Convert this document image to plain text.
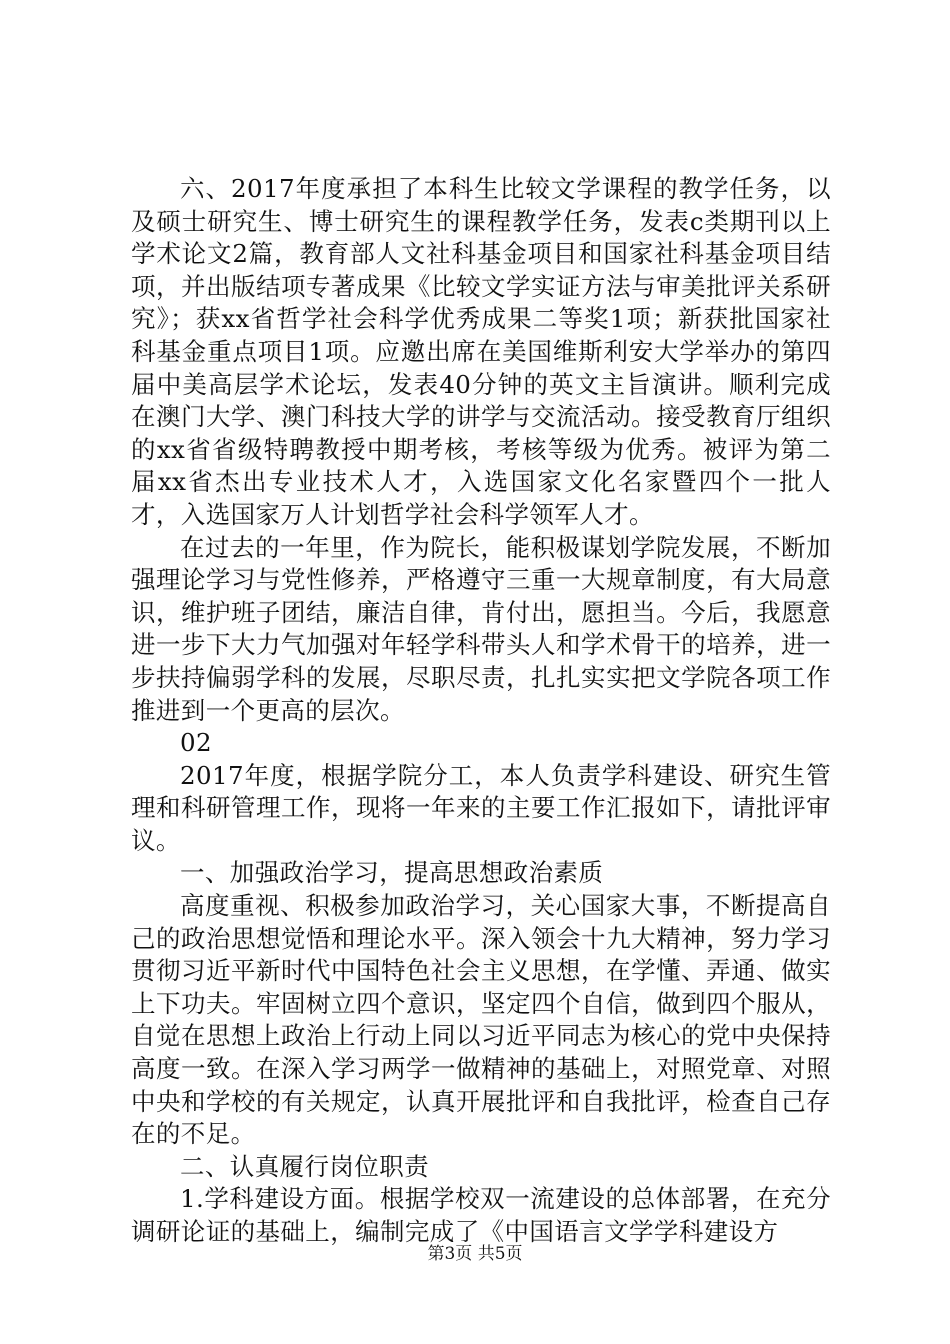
六、2017年度承担了本科生比较文学课程的教学任务，以及硕士研究生、博士研究生的课程教学任务，发表c类期刊以上学术论文2篇，教育部人文社科基金项目和国家社科基金项目结项，并出版结项专著成果《比较文学实证方法与审美批评关系研究》；获xx省哲学社会科学优秀成果二等奖1项；新获批国家社科基金重点项目1项。应邀出席在美国维斯利安大学举办的第四届中美高层学术论坛，发表40分钟的英文主旨演讲。顺利完成在澳门大学、澳门科技大学的讲学与交流活动。接受教育厅组织的xx省省级特聘教授中期考核，考核等级为优秀。被评为第二届xx省杰出专业技术人才，入选国家文化名家暨四个一批人才，入选国家万人计划哲学社会科学领军人才。

在过去的一年里，作为院长，能积极谋划学院发展，不断加强理论学习与党性修养，严格遵守三重一大规章制度，有大局意识，维护班子团结，廉洁自律，肯付出，愿担当。今后，我愿意进一步下大力气加强对年轻学科带头人和学术骨干的培养，进一步扶持偏弱学科的发展，尽职尽责，扎扎实实把文学院各项工作推进到一个更高的层次。

02

2017年度，根据学院分工，本人负责学科建设、研究生管理和科研管理工作，现将一年来的主要工作汇报如下，请批评审议。

一、加强政治学习，提高思想政治素质

高度重视、积极参加政治学习，关心国家大事，不断提高自己的政治思想觉悟和理论水平。深入领会十九大精神，努力学习贯彻习近平新时代中国特色社会主义思想，在学懂、弄通、做实上下功夫。牢固树立四个意识，坚定四个自信，做到四个服从，自觉在思想上政治上行动上同以习近平同志为核心的党中央保持高度一致。在深入学习两学一做精神的基础上，对照党章、对照中央和学校的有关规定，认真开展批评和自我批评，检查自己存在的不足。

二、认真履行岗位职责

1.学科建设方面。根据学校双一流建设的总体部署，在充分调研论证的基础上，编制完成了《中国语言文学学科建设方

第3页 共5页
